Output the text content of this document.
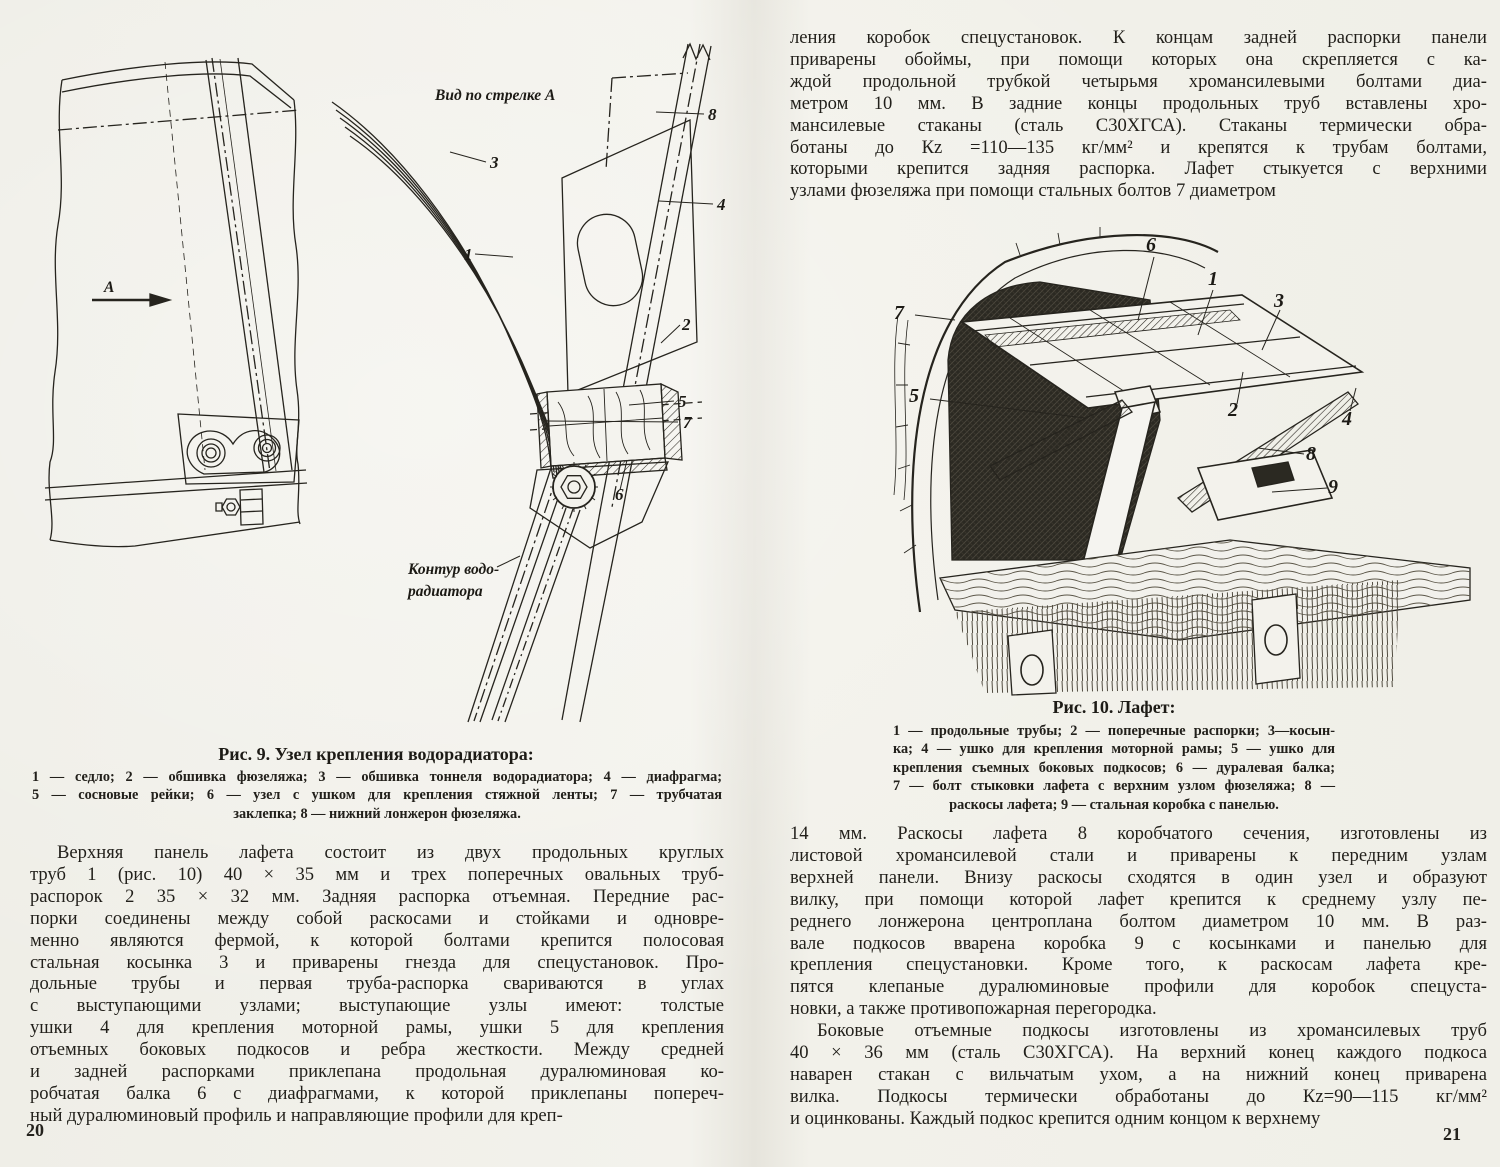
Вид по стрелке А
А
Контур водо-
радиатора
3
8
4
1
2
5
7
6
Рис. 9. Узел крепления водорадиатора:
1 — седло; 2 — обшивка фюзеляжа; 3 — обшивка тоннеля водорадиатора; 4 — диафрагма;
5 — сосновые рейки; 6 — узел с ушком для крепления стяжной ленты; 7 — трубчатая
заклепка; 8 — нижний лонжерон фюзеляжа.
Верхняя панель лафета состоит из двух продольных круглых
труб 1 (рис. 10) 40 × 35 мм и трех поперечных овальных труб-
распорок 2 35 × 32 мм. Задняя распорка отъемная. Передние рас-
порки соединены между собой раскосами и стойками и одновре-
менно являются фермой, к которой болтами крепится полосовая
стальная косынка 3 и приварены гнезда для спецустановок. Про-
дольные трубы и первая труба-распорка свариваются в углах
с выступающими узлами; выступающие узлы имеют: толстые
ушки 4 для крепления моторной рамы, ушки 5 для крепления
отъемных боковых подкосов и ребра жесткости. Между средней
и задней распорками приклепана продольная дуралюминовая ко-
робчатая балка 6 с диафрагмами, к которой приклепаны попереч-
ный дуралюминовый профиль и направляющие профили для креп-
20
ления коробок спецустановок. К концам задней распорки панели
приварены обоймы, при помощи которых она скрепляется с ка-
ждой продольной трубкой четырьмя хромансилевыми болтами диа-
метром 10 мм. В задние концы продольных труб вставлены хро-
мансилевые стаканы (сталь С30ХГСА). Стаканы термически обра-
ботаны до Кz =110—135 кг/мм² и крепятся к трубам болтами,
которыми крепится задняя распорка. Лафет стыкуется с верхними
узлами фюзеляжа при помощи стальных болтов 7 диаметром
6
1
3
7
5
2	4
8
9
Рис. 10. Лафет:
1 — продольные трубы; 2 — поперечные распорки; 3—косын-
ка; 4 — ушко для крепления моторной рамы; 5 — ушко для
крепления съемных боковых подкосов; 6 — дуралевая балка;
7 — болт стыковки лафета с верхним узлом фюзеляжа; 8 —
раскосы лафета; 9 — стальная коробка с панелью.
14 мм. Раскосы лафета 8 коробчатого сечения, изготовлены из
листовой хромансилевой стали и приварены к передним узлам
верхней панели. Внизу раскосы сходятся в один узел и образуют
вилку, при помощи которой лафет крепится к среднему узлу пе-
реднего лонжерона центроплана болтом диаметром 10 мм. В раз-
вале подкосов вварена коробка 9 с косынками и панелью для
крепления спецустановки. Кроме того, к раскосам лафета кре-
пятся клепаные дуралюминовые профили для коробок спецуста-
новки, а также противопожарная перегородка.
Боковые отъемные подкосы изготовлены из хромансилевых труб
40 × 36 мм (сталь С30ХГСА). На верхний конец каждого подкоса
наварен стакан с вильчатым ухом, а на нижний конец приварена
вилка. Подкосы термически обработаны до Кz=90—115 кг/мм²
и оцинкованы. Каждый подкос крепится одним концом к верхнему
21
